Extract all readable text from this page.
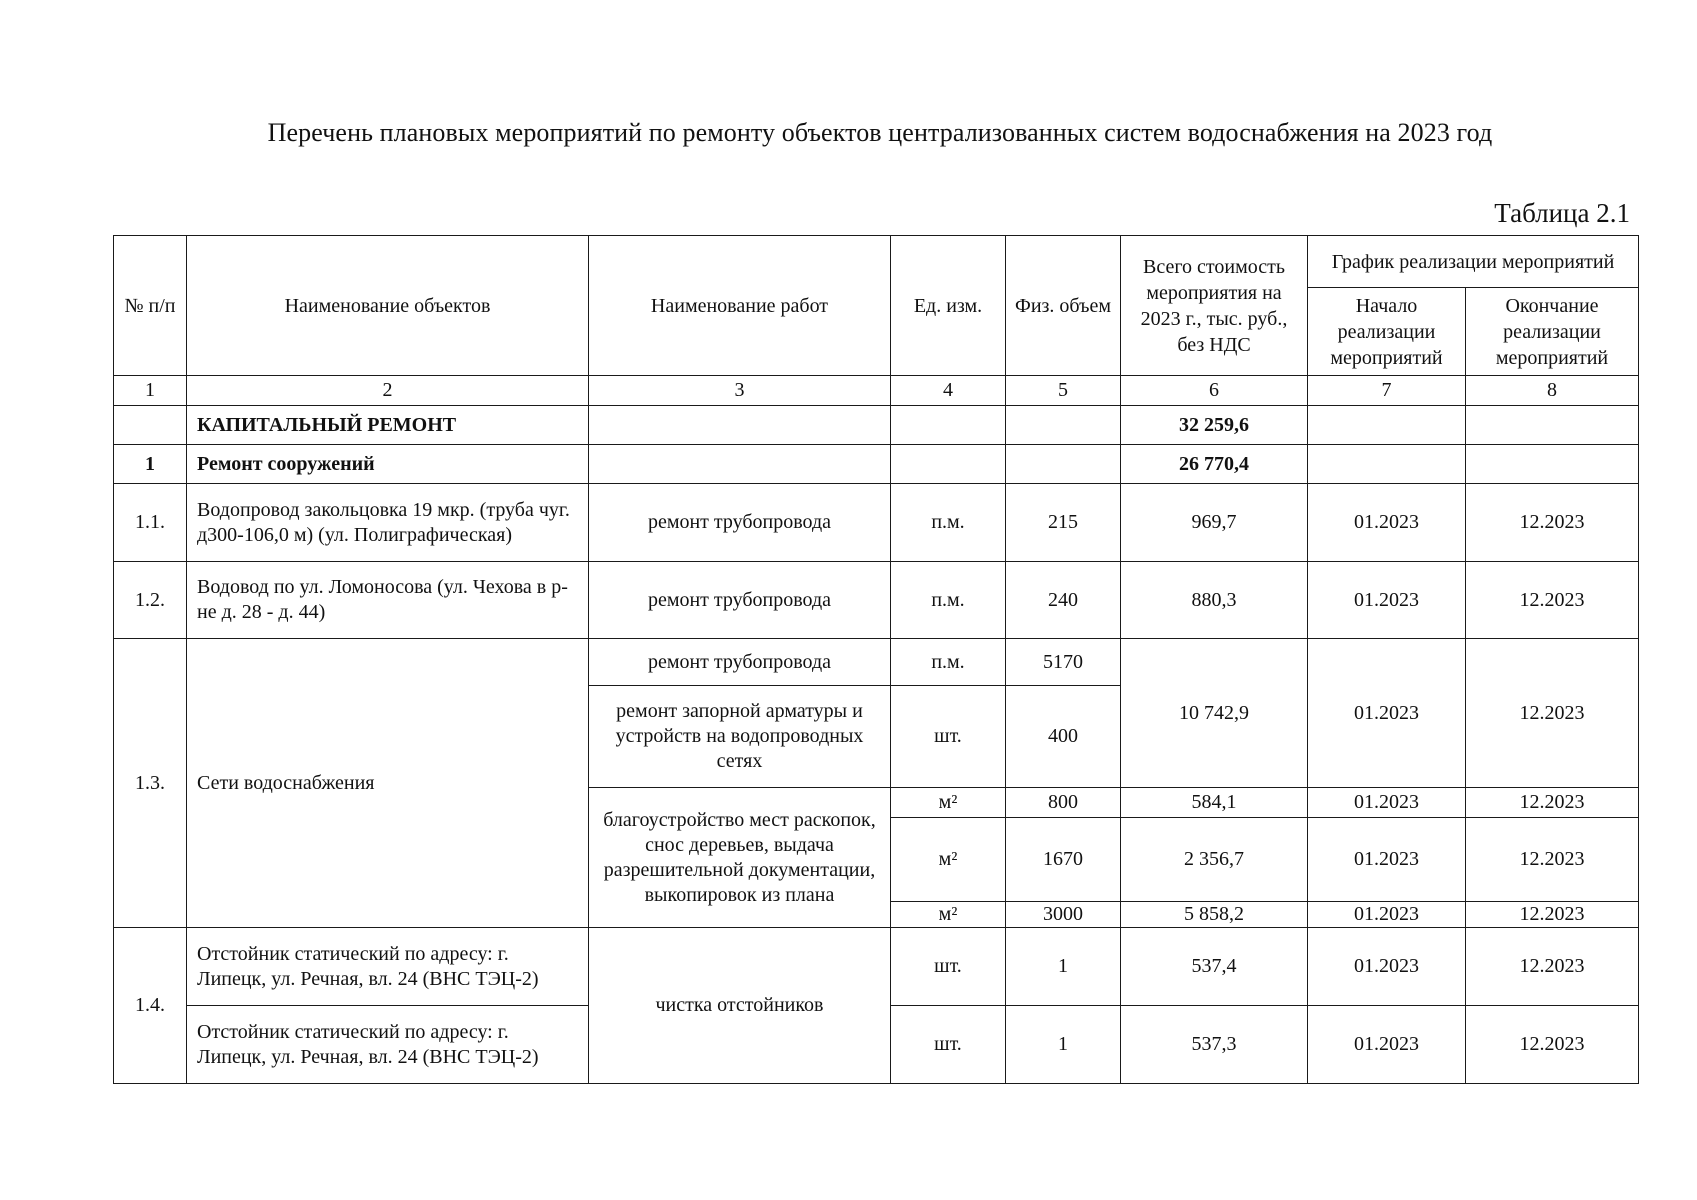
Перечень плановых мероприятий по ремонту объектов централизованных систем водоснабжения на 2023 год
Таблица 2.1
№ п/п	Наименование объектов	Наименование работ	Ед. изм.	Физ. объем	Всего стоимость мероприятия на 2023 г., тыс. руб., без НДС	График реализации мероприятий	
						Начало реализации мероприятий	Окончание реализации мероприятий
1	2	3	4	5	6	7	8
	КАПИТАЛЬНЫЙ РЕМОНТ				32 259,6		
1	Ремонт сооружений				26 770,4		
1.1.	Водопровод закольцовка 19 мкр. (труба чуг. д300-106,0 м) (ул. Полиграфическая)	ремонт трубопровода	п.м.	215	969,7	01.2023	12.2023
1.2.	Водовод по ул. Ломоносова (ул. Чехова в р-не д. 28 - д. 44)	ремонт трубопровода	п.м.	240	880,3	01.2023	12.2023
1.3.	Сети водоснабжения	ремонт трубопровода	п.м.	5170	10 742,9	01.2023	12.2023
		ремонт запорной арматуры и устройств на водопроводных сетях	шт.	400			
		благоустройство мест раскопок, снос деревьев, выдача разрешительной документации, выкопировок из плана	м²	800	584,1	01.2023	12.2023
			м²	1670	2 356,7	01.2023	12.2023
			м²	3000	5 858,2	01.2023	12.2023
1.4.	Отстойник статический по адресу: г. Липецк, ул. Речная, вл. 24 (ВНС ТЭЦ-2)	чистка отстойников	шт.	1	537,4	01.2023	12.2023
	Отстойник статический по адресу: г. Липецк, ул. Речная, вл. 24 (ВНС ТЭЦ-2)		шт.	1	537,3	01.2023	12.2023
